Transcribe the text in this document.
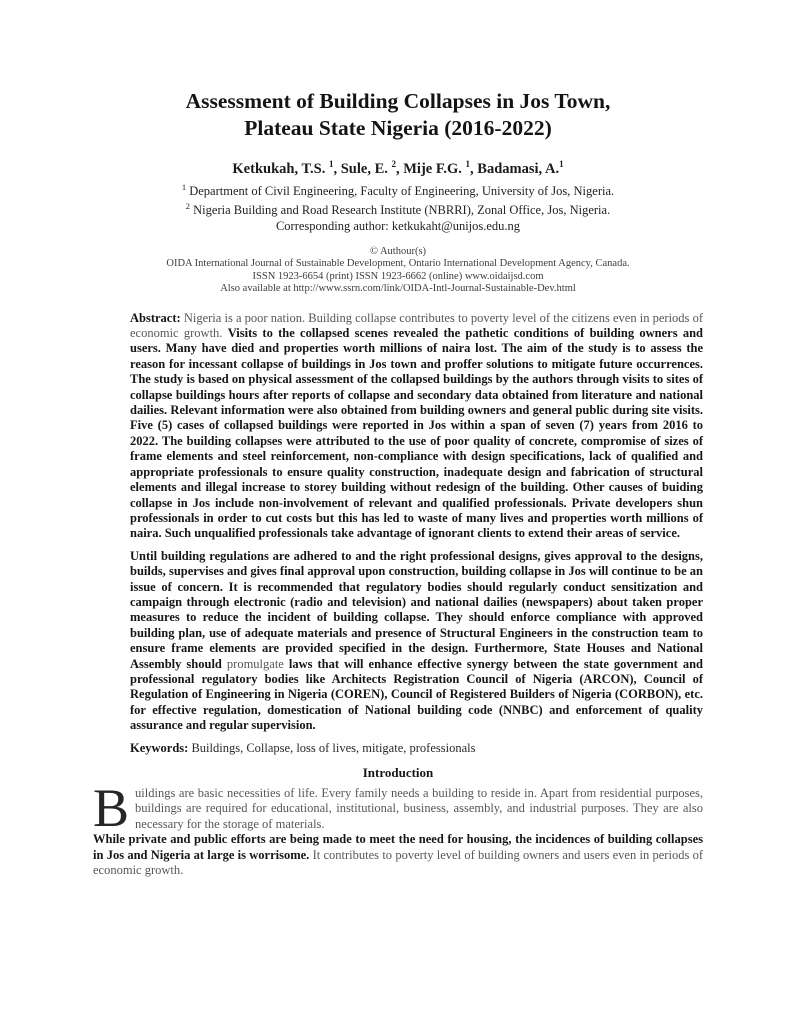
Assessment of Building Collapses in Jos Town,
Plateau State Nigeria (2016-2022)

Ketkukah, T.S. $^1$, Sule, E. $^2$, Mije F.G. $^1$, Badamasi, A.$^1$

$^1$ Department of Civil Engineering, Faculty of Engineering, University of Jos, Nigeria.

$^2$ Nigeria Building and Road Research Institute (NBRRI), Zonal Office, Jos, Nigeria.

Corresponding author: ketkukaht@unijos.edu.ng

© Authour(s)

OIDA International Journal of Sustainable Development, Ontario International Development Agency, Canada.

ISSN 1923-6654 (print) ISSN 1923-6662 (online) www.oidaijsd.com

Also available at http://www.ssrn.com/link/OIDA-Intl-Journal-Sustainable-Dev.html

Abstract: Nigeria is a poor nation. Building collapse contributes to poverty level of the citizens even in periods of economic growth. Visits to the collapsed scenes revealed the pathetic conditions of building owners and users. Many have died and properties worth millions of naira lost. The aim of the study is to assess the reason for incessant collapse of buildings in Jos town and proffer solutions to mitigate future occurrences. The study is based on physical assessment of the collapsed buildings by the authors through visits to sites of collapse buildings hours after reports of collapse and secondary data obtained from literature and national dailies. Relevant information were also obtained from building owners and general public during site visits. Five (5) cases of collapsed buildings were reported in Jos within a span of seven (7) years from 2016 to 2022. The building collapses were attributed to the use of poor quality of concrete, compromise of sizes of frame elements and steel reinforcement, non-compliance with design specifications, lack of qualified and appropriate professionals to ensure quality construction, inadequate design and fabrication of structural elements and illegal increase to storey building without redesign of the building. Other causes of buiding collapse in Jos include non-involvement of relevant and qualified professionals. Private developers shun professionals in order to cut costs but this has led to waste of many lives and properties worth millions of naira. Such unqualified professionals take advantage of ignorant clients to extend their areas of service.

Until building regulations are adhered to and the right professional designs, gives approval to the designs, builds, supervises and gives final approval upon construction, building collapse in Jos will continue to be an issue of concern. It is recommended that regulatory bodies should regularly conduct sensitization and campaign through electronic (radio and television) and national dailies (newspapers) about taken proper measures to reduce the incident of building collapse. They should enforce compliance with approved building plan, use of adequate materials and presence of Structural Engineers in the construction team to ensure frame elements are provided specified in the design. Furthermore, State Houses and National Assembly should promulgate laws that will enhance effective synergy between the state government and professional regulatory bodies like Architects Registration Council of Nigeria (ARCON), Council of Regulation of Engineering in Nigeria (COREN), Council of Registered Builders of Nigeria (CORBON), etc. for effective regulation, domestication of National building code (NNBC) and enforcement of quality assurance and regular supervision.

Keywords: Buildings, Collapse, loss of lives, mitigate, professionals

Introduction

Buildings are basic necessities of life. Every family needs a building to reside in. Apart from residential purposes, buildings are required for educational, institutional, business, assembly, and industrial purposes. They are also necessary for the storage of materials.

While private and public efforts are being made to meet the need for housing, the incidences of building collapses in Jos and Nigeria at large is worrisome. It contributes to poverty level of building owners and users even in periods of economic growth.
